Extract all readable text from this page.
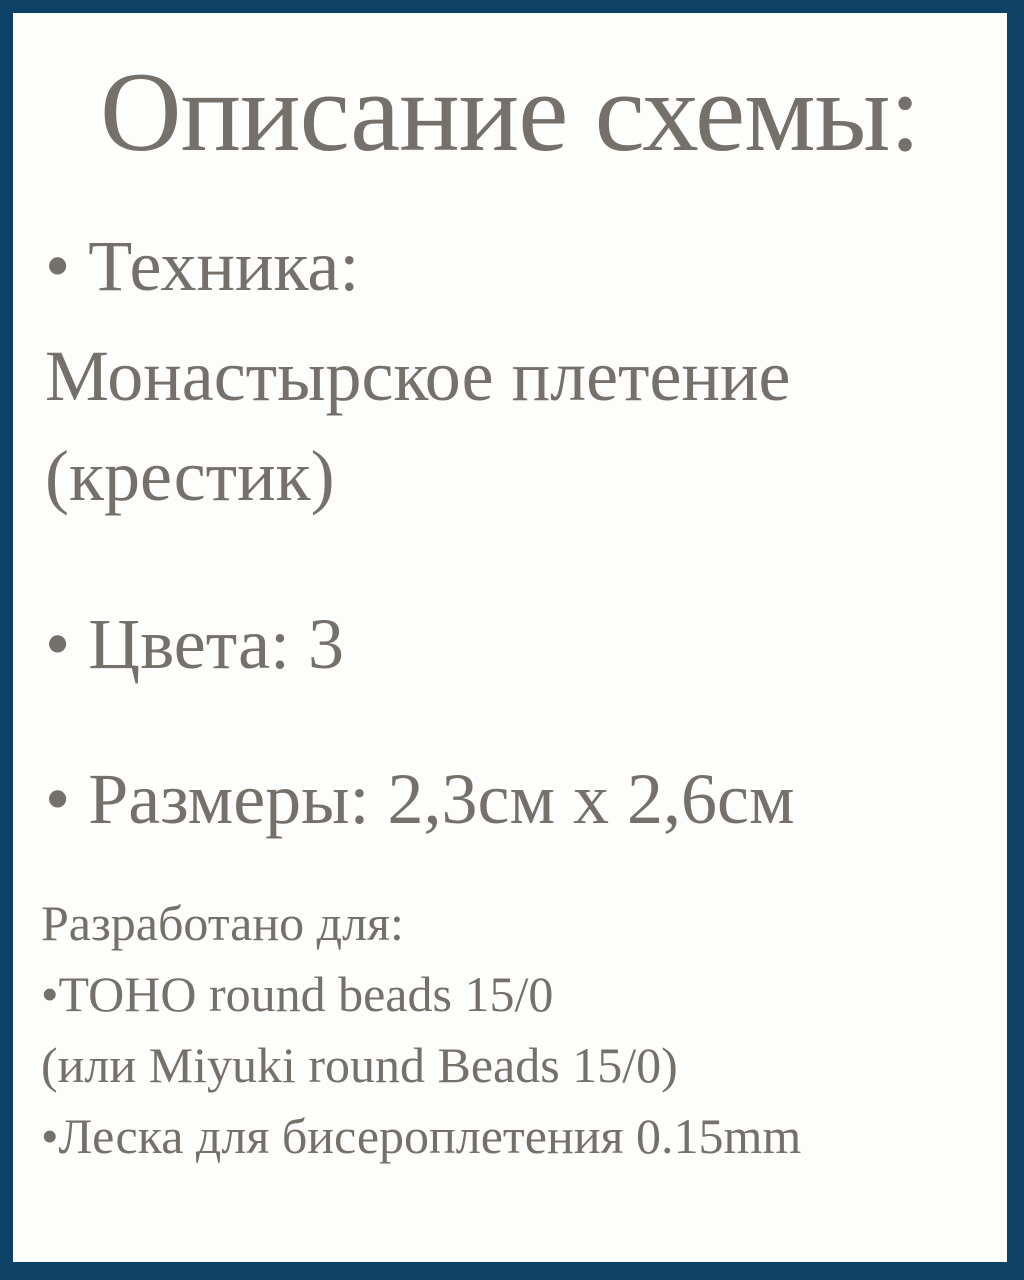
Описание схемы:
• Техника:
Монастырское плетение
(крестик)
• Цвета: 3
• Размеры: 2,3см x 2,6см
Разработано для:
•TOHO round beads 15/0
(или Miyuki round Beads 15/0)
•Леска для бисероплетения 0.15mm
